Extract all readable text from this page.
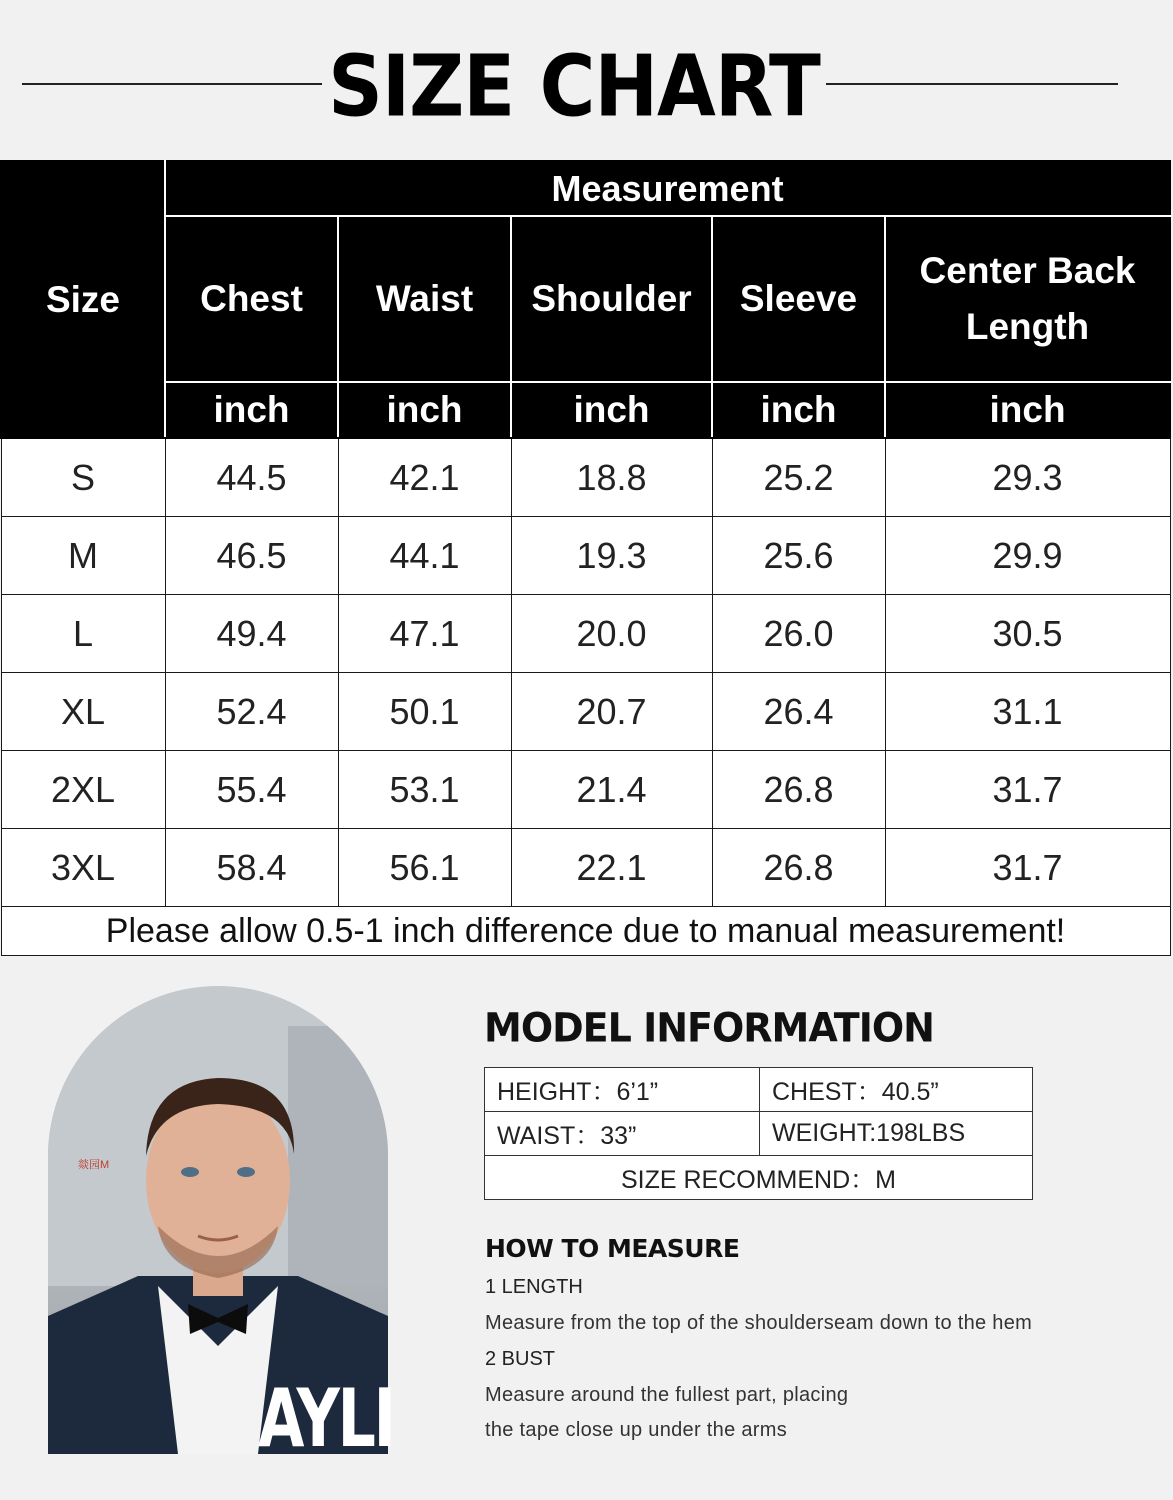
SIZE CHART
Size	Measurement				
	Chest	Waist	Shoulder	Sleeve	Center Back
Length
	inch	inch	inch	inch	inch
S	44.5	42.1	18.8	25.2	29.3
M	46.5	44.1	19.3	25.6	29.9
L	49.4	47.1	20.0	26.0	30.5
XL	52.4	50.1	20.7	26.4	31.1
2XL	55.4	53.1	21.4	26.8	31.7
3XL	58.4	56.1	22.1	26.8	31.7
Please allow 0.5-1 inch difference due to manual measurement!					
燚园M
AYLI
MODEL INFORMATION
HEIGHT：6’1”	CHEST：40.5”
WAIST：33”	WEIGHT:198LBS
SIZE RECOMMEND：M	
HOW TO MEASURE
1 LENGTH
Measure from the top of the shoulderseam down to the hem
2 BUST
Measure around the fullest part, placing
the tape close up under the arms
